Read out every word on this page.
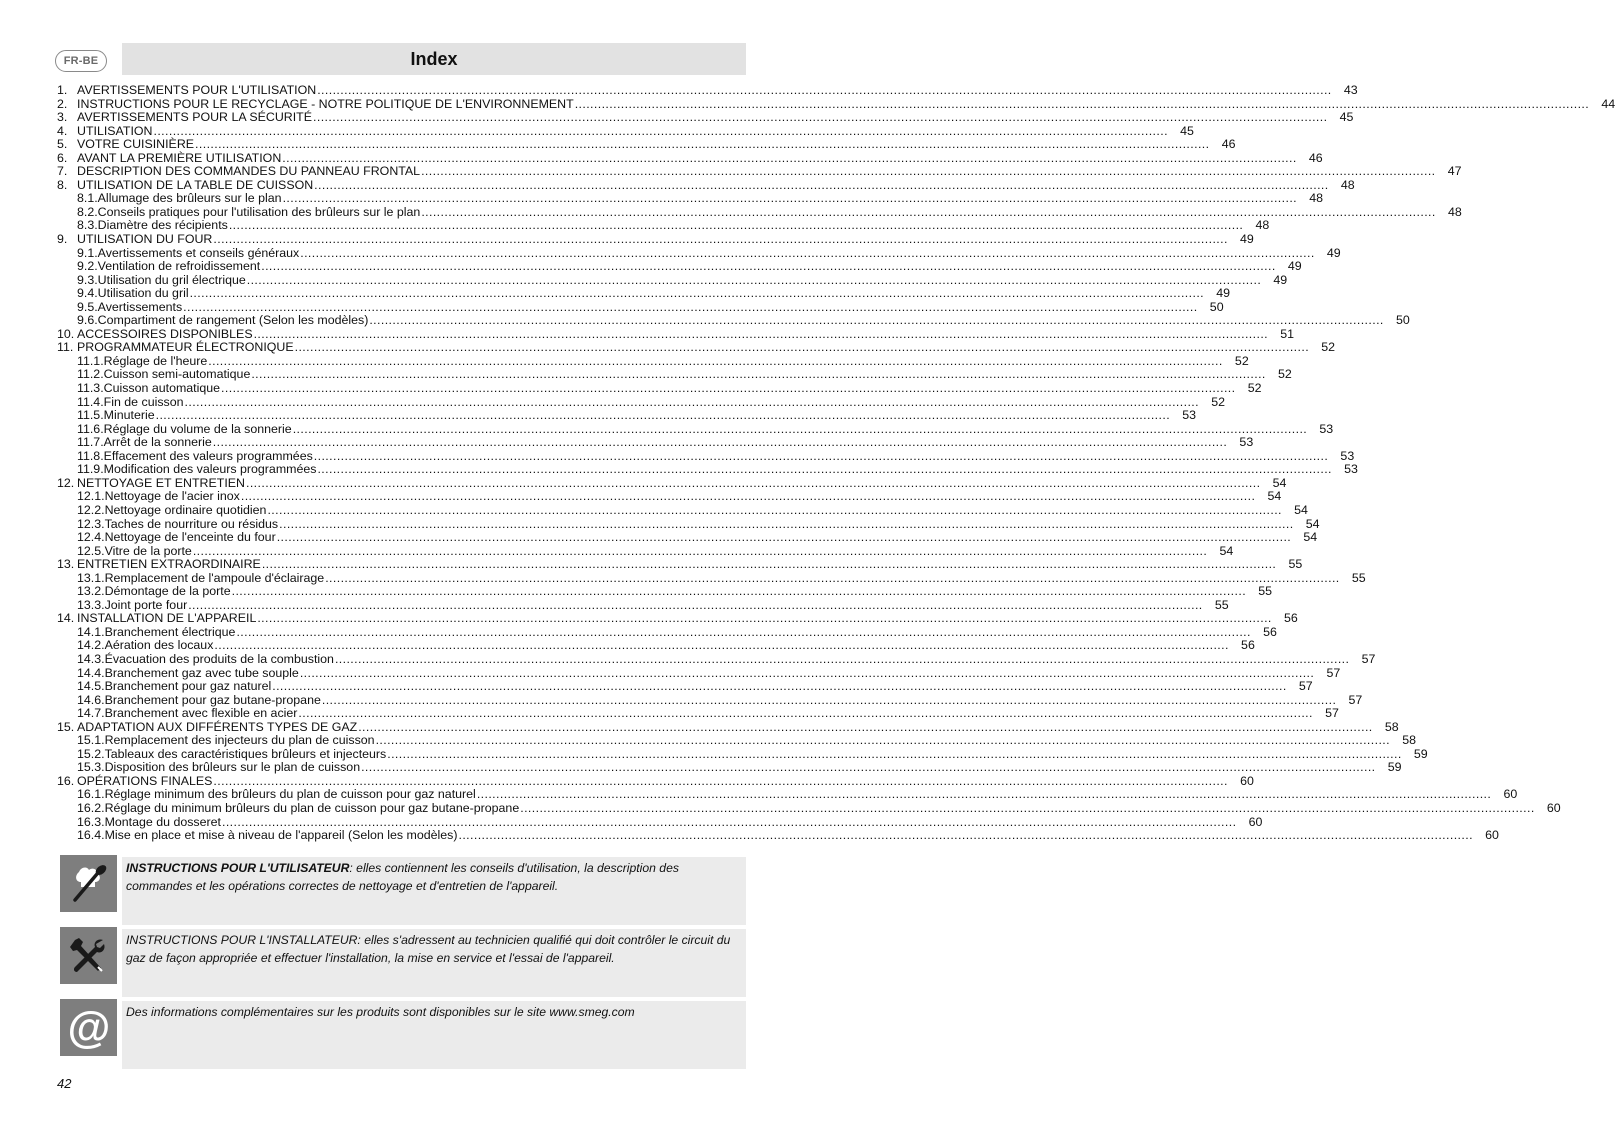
FR-BE	Index
1. AVERTISSEMENTS POUR L'UTILISATION .....	43
2. INSTRUCTIONS POUR LE RECYCLAGE - NOTRE POLITIQUE DE L'ENVIRONNEMENT .....	44
3. AVERTISSEMENTS POUR LA SÉCURITÉ .....	45
4. UTILISATION .....	45
5. VOTRE CUISINIÈRE .....	46
6. AVANT LA PREMIÈRE UTILISATION .....	46
7. DESCRIPTION DES COMMANDES DU PANNEAU FRONTAL .....	47
8. UTILISATION DE LA TABLE DE CUISSON .....	48
8.1. Allumage des brûleurs sur le plan .....	48
8.2. Conseils pratiques pour l'utilisation des brûleurs sur le plan .....	48
8.3. Diamètre des récipients .....	48
9. UTILISATION DU FOUR .....	49
9.1. Avertissements et conseils généraux .....	49
9.2. Ventilation de refroidissement .....	49
9.3. Utilisation du gril électrique .....	49
9.4. Utilisation du gril .....	49
9.5. Avertissements .....	50
9.6. Compartiment de rangement (Selon les modèles) .....	50
10. ACCESSOIRES DISPONIBLES .....	51
11. PROGRAMMATEUR ÉLECTRONIQUE .....	52
11.1. Réglage de l'heure .....	52
11.2. Cuisson semi-automatique .....	52
11.3. Cuisson automatique .....	52
11.4. Fin de cuisson .....	52
11.5. Minuterie .....	53
11.6. Réglage du volume de la sonnerie .....	53
11.7. Arrêt de la sonnerie .....	53
11.8. Effacement des valeurs programmées .....	53
11.9. Modification des valeurs programmées .....	53
12. NETTOYAGE ET ENTRETIEN .....	54
12.1. Nettoyage de l'acier inox .....	54
12.2. Nettoyage ordinaire quotidien .....	54
12.3. Taches de nourriture ou résidus .....	54
12.4. Nettoyage de l'enceinte du four .....	54
12.5. Vitre de la porte .....	54
13. ENTRETIEN EXTRAORDINAIRE .....	55
13.1. Remplacement de l'ampoule d'éclairage .....	55
13.2. Démontage de la porte .....	55
13.3. Joint porte four .....	55
14. INSTALLATION DE L'APPAREIL .....	56
14.1. Branchement électrique .....	56
14.2. Aération des locaux .....	56
14.3. Évacuation des produits de la combustion .....	57
14.4. Branchement gaz avec tube souple .....	57
14.5. Branchement pour gaz naturel .....	57
14.6. Branchement pour gaz butane-propane .....	57
14.7. Branchement avec flexible en acier .....	57
15. ADAPTATION AUX DIFFÉRENTS TYPES DE GAZ .....	58
15.1. Remplacement des injecteurs du plan de cuisson .....	58
15.2. Tableaux des caractéristiques brûleurs et injecteurs .....	59
15.3. Disposition des brûleurs sur le plan de cuisson .....	59
16. OPÉRATIONS FINALES .....	60
16.1. Réglage minimum des brûleurs du plan de cuisson pour gaz naturel .....	60
16.2. Réglage du minimum brûleurs du plan de cuisson pour gaz butane-propane .....	60
16.3. Montage du dosseret .....	60
16.4. Mise en place et mise à niveau de l'appareil (Selon les modèles) .....	60
INSTRUCTIONS POUR L'UTILISATEUR: elles contiennent les conseils d'utilisation, la description des commandes et les opérations correctes de nettoyage et d'entretien de l'appareil.
INSTRUCTIONS POUR L'INSTALLATEUR: elles s'adressent au technicien qualifié qui doit contrôler le circuit du gaz de façon appropriée et effectuer l'installation, la mise en service et l'essai de l'appareil.
@	Des informations complémentaires sur les produits sont disponibles sur le site www.smeg.com
42
